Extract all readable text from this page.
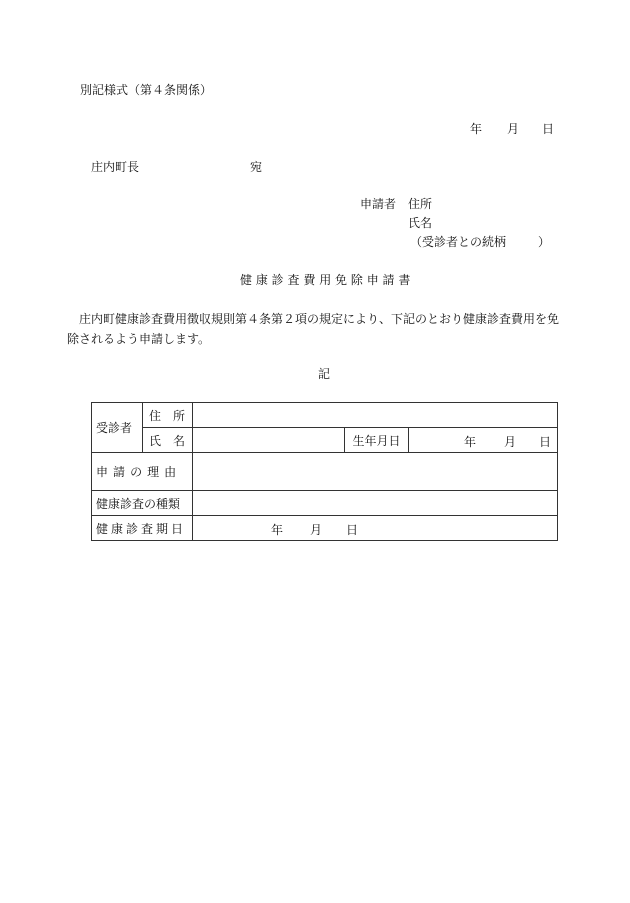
別記様式（第４条関係）
年 月 日
庄内町長	宛
申請者 住所
氏名
（受診者との続柄	）
健康診査費用免除申請書
庄内町健康診査費用徴収規則第４条第２項の規定により、下記のとおり健康診査費用を免除されるよう申請します。
記
受診者	住　所			
	氏　名		生年月日	年 月 日

申請の理由				
健康診査の種類				
健康診査期日		年 月 日		
